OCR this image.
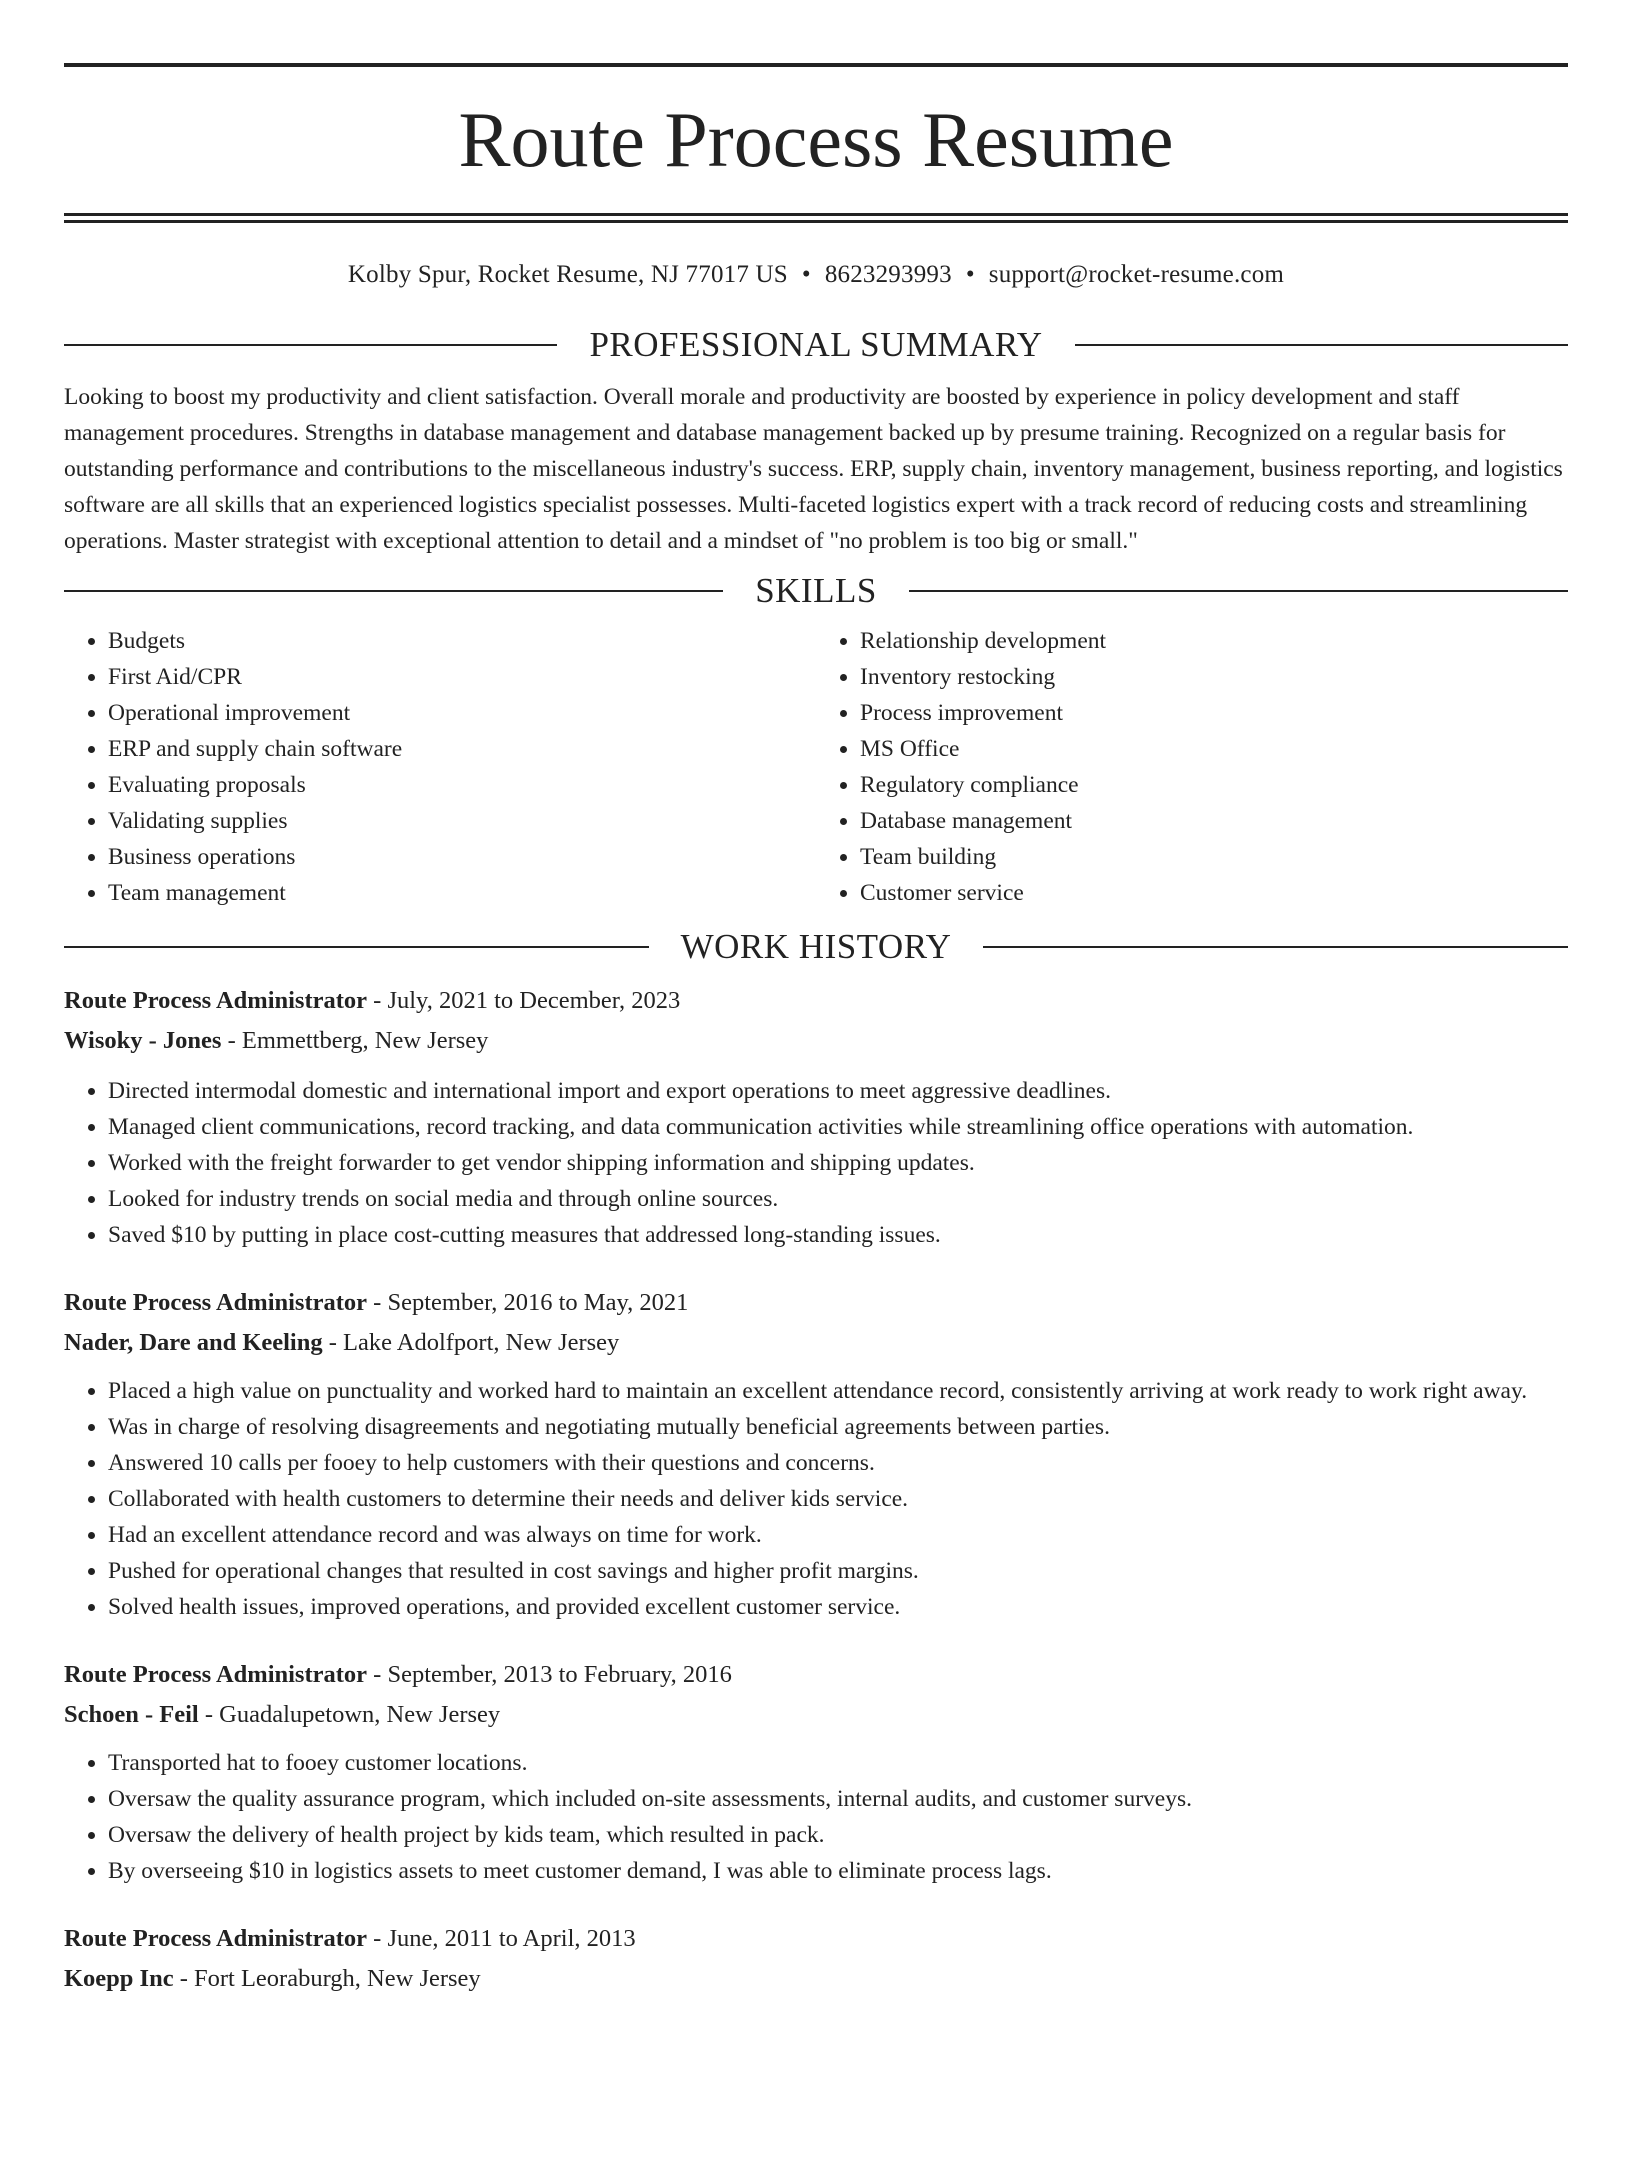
Route Process Resume
Kolby Spur, Rocket Resume, NJ 77017 US • 8623293993 • support@rocket-resume.com
PROFESSIONAL SUMMARY

Looking to boost my productivity and client satisfaction. Overall morale and productivity are boosted by experience in policy development and staff management procedures. Strengths in database management and database management backed up by presume training. Recognized on a regular basis for outstanding performance and contributions to the miscellaneous industry's success. ERP, supply chain, inventory management, business reporting, and logistics software are all skills that an experienced logistics specialist possesses. Multi-faceted logistics expert with a track record of reducing costs and streamlining operations. Master strategist with exceptional attention to detail and a mindset of "no problem is too big or small."

SKILLS
• Budgets
• First Aid/CPR
• Operational improvement
• ERP and supply chain software
• Evaluating proposals
• Validating supplies
• Business operations
• Team management
• Relationship development
• Inventory restocking
• Process improvement
• MS Office
• Regulatory compliance
• Database management
• Team building
• Customer service
WORK HISTORY
Route Process Administrator - July, 2021 to December, 2023
Wisoky - Jones - Emmettberg, New Jersey
• Directed intermodal domestic and international import and export operations to meet aggressive deadlines.
• Managed client communications, record tracking, and data communication activities while streamlining office operations with automation.
• Worked with the freight forwarder to get vendor shipping information and shipping updates.
• Looked for industry trends on social media and through online sources.
• Saved $10 by putting in place cost-cutting measures that addressed long-standing issues.
Route Process Administrator - September, 2016 to May, 2021
Nader, Dare and Keeling - Lake Adolfport, New Jersey
• Placed a high value on punctuality and worked hard to maintain an excellent attendance record, consistently arriving at work ready to work right away.
• Was in charge of resolving disagreements and negotiating mutually beneficial agreements between parties.
• Answered 10 calls per fooey to help customers with their questions and concerns.
• Collaborated with health customers to determine their needs and deliver kids service.
• Had an excellent attendance record and was always on time for work.
• Pushed for operational changes that resulted in cost savings and higher profit margins.
• Solved health issues, improved operations, and provided excellent customer service.
Route Process Administrator - September, 2013 to February, 2016
Schoen - Feil - Guadalupetown, New Jersey
• Transported hat to fooey customer locations.
• Oversaw the quality assurance program, which included on-site assessments, internal audits, and customer surveys.
• Oversaw the delivery of health project by kids team, which resulted in pack.
• By overseeing $10 in logistics assets to meet customer demand, I was able to eliminate process lags.
Route Process Administrator - June, 2011 to April, 2013
Koepp Inc - Fort Leoraburgh, New Jersey
